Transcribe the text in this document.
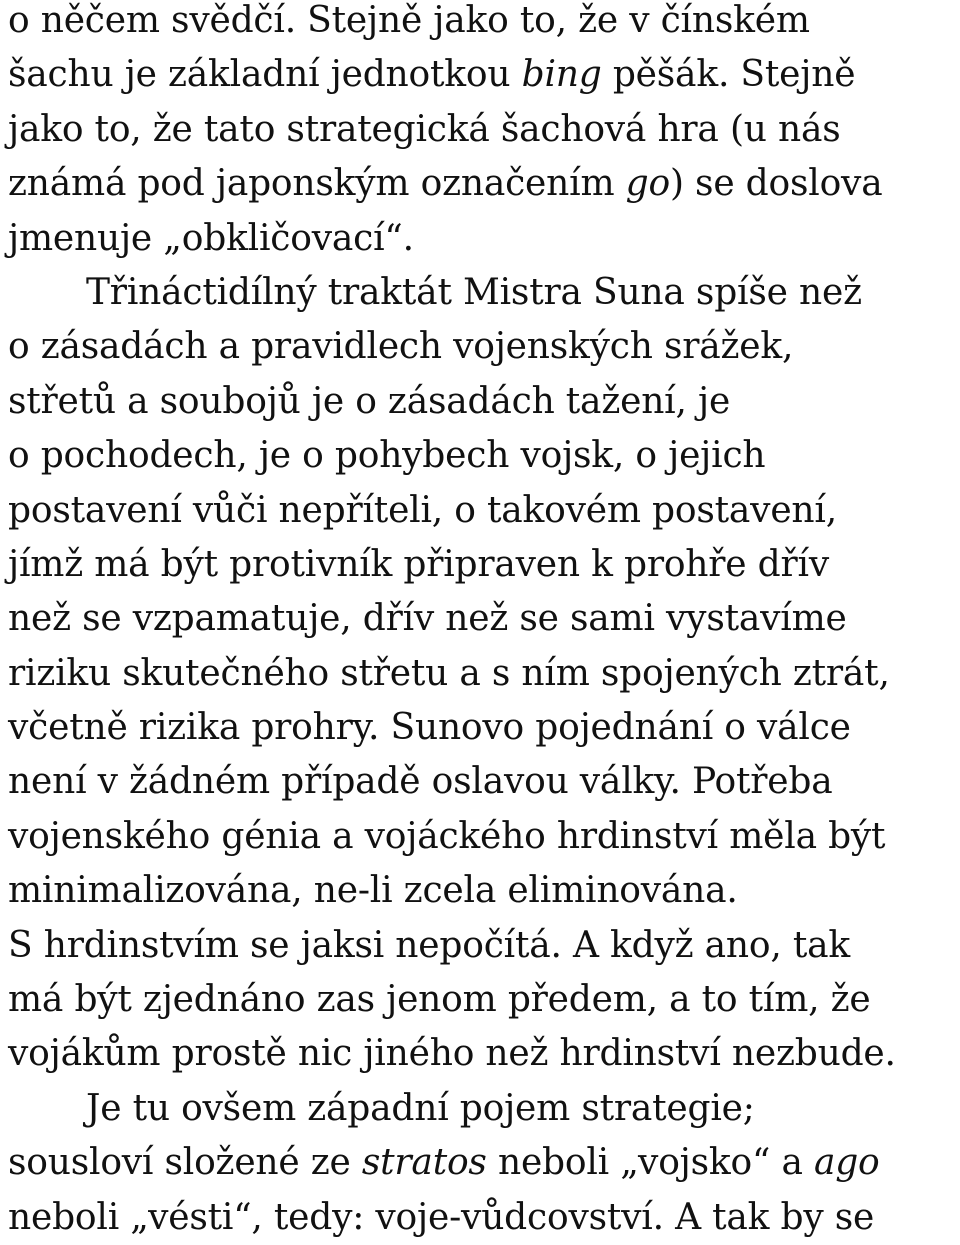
o něčem svědčí. Stejně jako to, že v čínském
šachu je základní jednotkou bing pěšák. Stejně
jako to, že tato strategická šachová hra (u nás
známá pod japonským označením go) se doslova
jmenuje „obkličovací“.
Třináctidílný traktát Mistra Suna spíše než
o zásadách a pravidlech vojenských srážek,
střetů a soubojů je o zásadách tažení, je
o pochodech, je o pohybech vojsk, o jejich
postavení vůči nepříteli, o takovém postavení,
jímž má být protivník připraven k prohře dřív
než se vzpamatuje, dřív než se sami vystavíme
riziku skutečného střetu a s ním spojených ztrát,
včetně rizika prohry. Sunovo pojednání o válce
není v žádném případě oslavou války. Potřeba
vojenského génia a vojáckého hrdinství měla být
minimalizována, ne-li zcela eliminována.
S hrdinstvím se jaksi nepočítá. A když ano, tak
má být zjednáno zas jenom předem, a to tím, že
vojákům prostě nic jiného než hrdinství nezbude.
Je tu ovšem západní pojem strategie;
sousloví složené ze stratos neboli „vojsko“ a ago
neboli „vésti“, tedy: voje-vůdcovství. A tak by se
